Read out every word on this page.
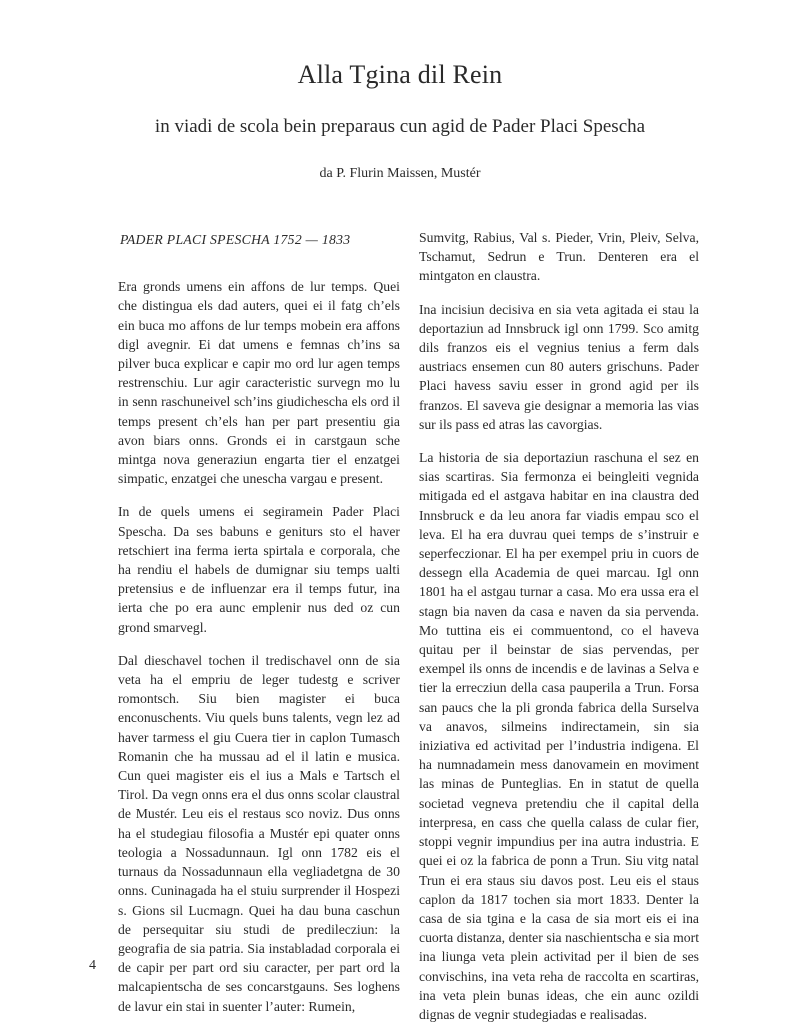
Alla Tgina dil Rein
in viadi de scola bein preparaus cun agid de Pader Placi Spescha
da P. Flurin Maissen, Mustér
PADER PLACI SPESCHA 1752 — 1833

Era gronds umens ein affons de lur temps. Quei che distingua els dad auters, quei ei il fatg ch’els ein buca mo affons de lur temps mobein era affons digl avegnir. Ei dat umens e femnas ch’ins sa pilver buca explicar e capir mo ord lur agen temps restrenschiu. Lur agir caracteristic survegn mo lu in senn raschuneivel sch’ins giudichescha els ord il temps present ch’els han per part presentiu gia avon biars onns. Gronds ei in carstgaun sche mintga nova generaziun engarta tier el enzatgei simpatic, enzatgei che unescha vargau e present.

In de quels umens ei segiramein Pader Placi Spescha. Da ses babuns e geniturs sto el haver retschiert ina ferma ierta spirtala e corporala, che ha rendiu el habels de dumignar siu temps ualti pretensius e de influenzar era il temps futur, ina ierta che po era aunc emplenir nus ded oz cun grond smarvegl.

Dal dieschavel tochen il tredischavel onn de sia veta ha el empriu de leger tudestg e scriver romontsch. Siu bien magister ei buca enconuschents. Viu quels buns talents, vegn lez ad haver tarmess el giu Cuera tier in caplon Tumasch Romanin che ha mussau ad el il latin e musica. Cun quei magister eis el ius a Mals e Tartsch el Tirol. Da vegn onns era el dus onns scolar claustral de Mustér. Leu eis el restaus sco noviz. Dus onns ha el studegiau filosofia a Mustér epi quater onns teologia a Nossadunnaun. Igl onn 1782 eis el turnaus da Nossadunnaun ella vegliadetgna de 30 onns. Cuninagada ha el stuiu surprender il Hospezi s. Gions sil Lucmagn. Quei ha dau buna caschun de persequitar siu studi de predilecziun: la geografia de sia patria. Sia instabladad corporala ei de capir per part ord siu caracter, per part ord la malcapientscha de ses concarstgauns. Ses loghens de lavur ein stai in suenter l’auter: Rumein,

Sumvitg, Rabius, Val s. Pieder, Vrin, Pleiv, Selva, Tschamut, Sedrun e Trun. Denteren era el mintgaton en claustra.

Ina incisiun decisiva en sia veta agitada ei stau la deportaziun ad Innsbruck igl onn 1799. Sco amitg dils franzos eis el vegnius tenius a ferm dals austriacs ensemen cun 80 auters grischuns. Pader Placi havess saviu esser in grond agid per ils franzos. El saveva gie designar a memoria las vias sur ils pass ed atras las cavorgias.

La historia de sia deportaziun raschuna el sez en sias scartiras. Sia fermonza ei beingleiti vegnida mitigada ed el astgava habitar en ina claustra ded Innsbruck e da leu anora far viadis empau sco el leva. El ha era duvrau quei temps de s’instruir e seperfeczionar. El ha per exempel priu in cuors de dessegn ella Academia de quei marcau. Igl onn 1801 ha el astgau turnar a casa. Mo era ussa era el stagn bia naven da casa e naven da sia pervenda. Mo tuttina eis ei commuentond, co el haveva quitau per il beinstar de sias pervendas, per exempel ils onns de incendis e de lavinas a Selva e tier la errecziun della casa pauperila a Trun. Forsa san paucs che la pli gronda fabrica della Surselva va anavos, silmeins indirectamein, sin sia iniziativa ed activitad per l’industria indigena. El ha numnadamein mess danovamein en moviment las minas de Punteglias. En in statut de quella societad vegneva pretendiu che il capital della interpresa, en cass che quella calass de cular fier, stoppi vegnir impundius per ina autra industria. E quei ei oz la fabrica de ponn a Trun. Siu vitg natal Trun ei era staus siu davos post. Leu eis el staus caplon da 1817 tochen sia mort 1833. Denter la casa de sia tgina e la casa de sia mort eis ei ina cuorta distanza, denter sia naschientscha e sia mort ina liunga veta plein activitad per il bien de ses convischins, ina veta reha de raccolta en scartiras, ina veta plein bunas ideas, che ein aunc ozildi dignas de vegnir studegiadas e realisadas.

4
